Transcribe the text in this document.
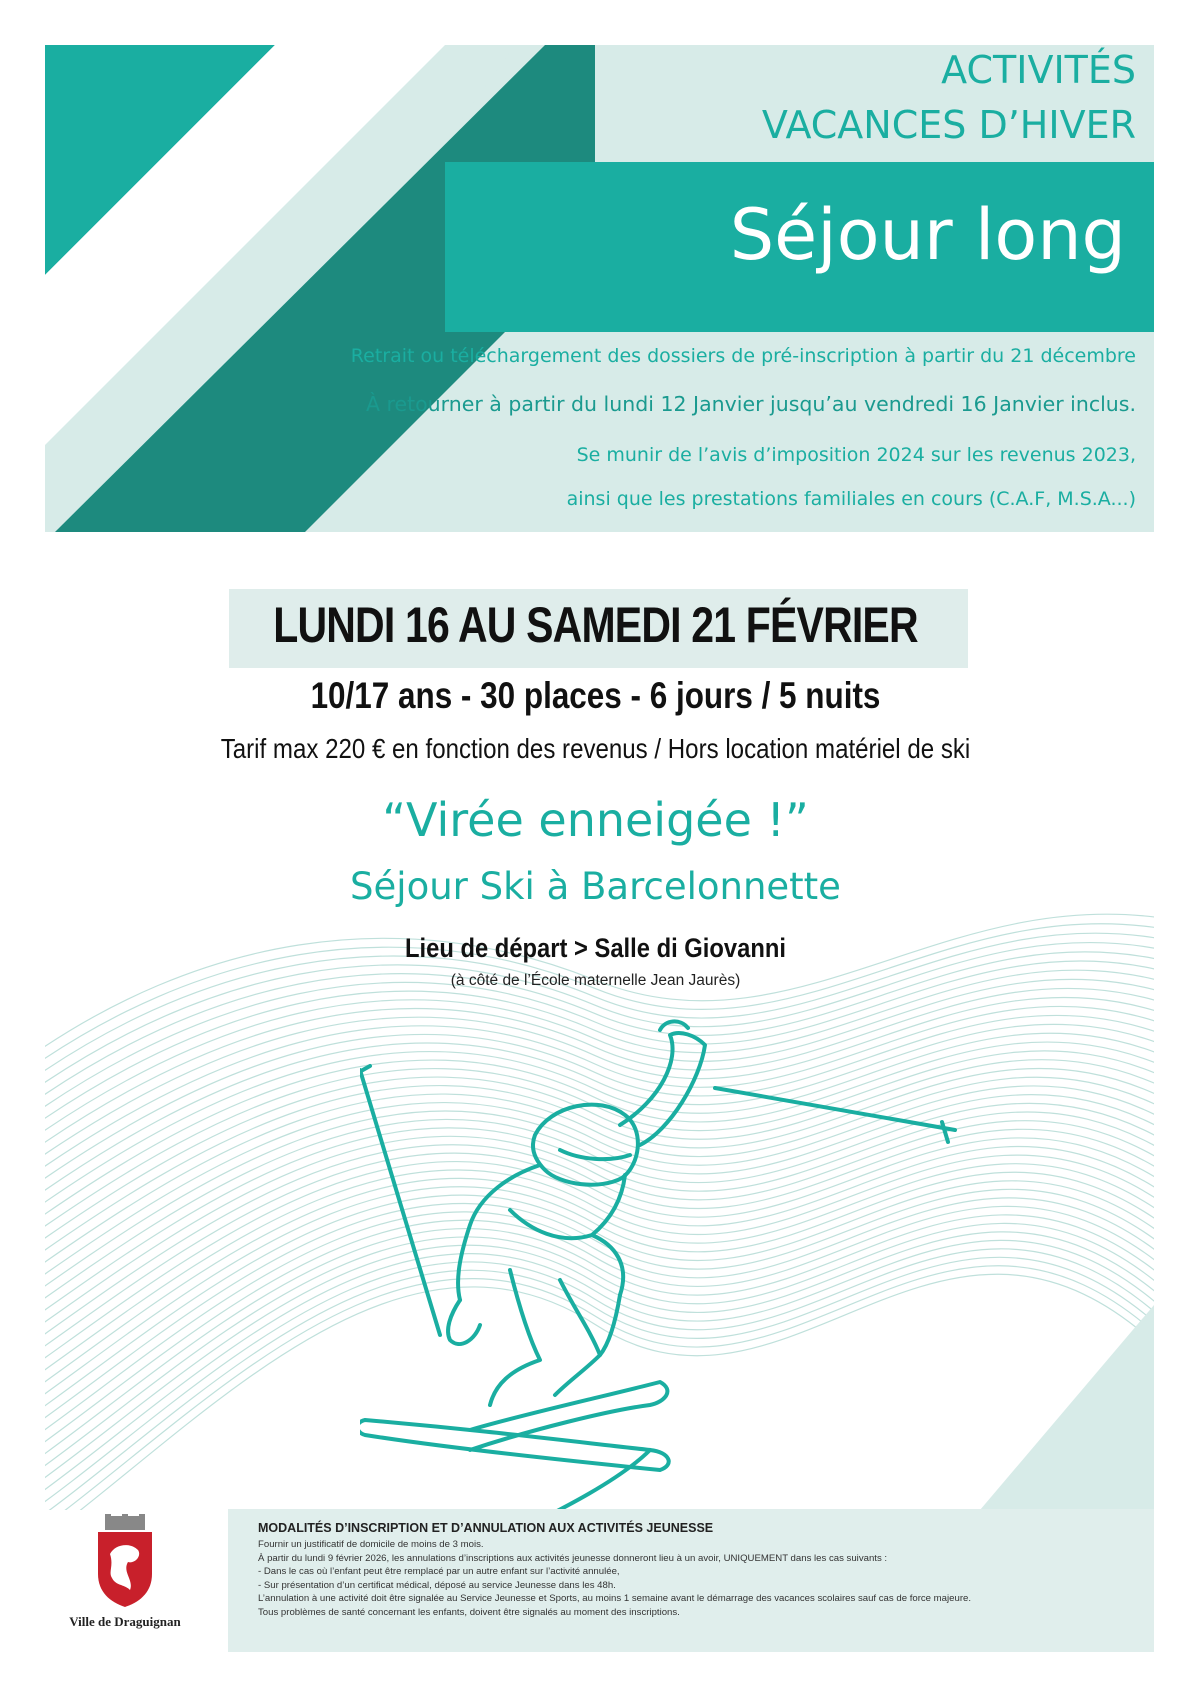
ACTIVITÉS
VACANCES D’HIVER
Séjour long
Retrait ou téléchargement des dossiers de pré-inscription à partir du 21 décembre
À retourner à partir du lundi 12 Janvier jusqu’au vendredi 16 Janvier inclus.
Se munir de l’avis d’imposition 2024 sur les revenus 2023,
ainsi que les prestations familiales en cours (C.A.F, M.S.A...)
LUNDI 16 AU SAMEDI 21 FÉVRIER
10/17 ans - 30 places - 6 jours / 5 nuits
Tarif max 220 € en fonction des revenus / Hors location matériel de ski
“Virée enneigée !”
Séjour Ski à Barcelonnette
Lieu de départ > Salle di Giovanni
(à côté de l’École maternelle Jean Jaurès)
MODALITÉS D’INSCRIPTION ET D’ANNULATION AUX ACTIVITÉS JEUNESSE
Fournir un justificatif de domicile de moins de 3 mois.
À partir du lundi 9 février 2026, les annulations d’inscriptions aux activités jeunesse donneront lieu à un avoir, UNIQUEMENT dans les cas suivants :
- Dans le cas où l’enfant peut être remplacé par un autre enfant sur l’activité annulée,
- Sur présentation d’un certificat médical, déposé au service Jeunesse dans les 48h.
L’annulation à une activité doit être signalée au Service Jeunesse et Sports, au moins 1 semaine avant le démarrage des vacances scolaires sauf cas de force majeure.
Tous problèmes de santé concernant les enfants, doivent être signalés au moment des inscriptions.
Ville de Draguignan
